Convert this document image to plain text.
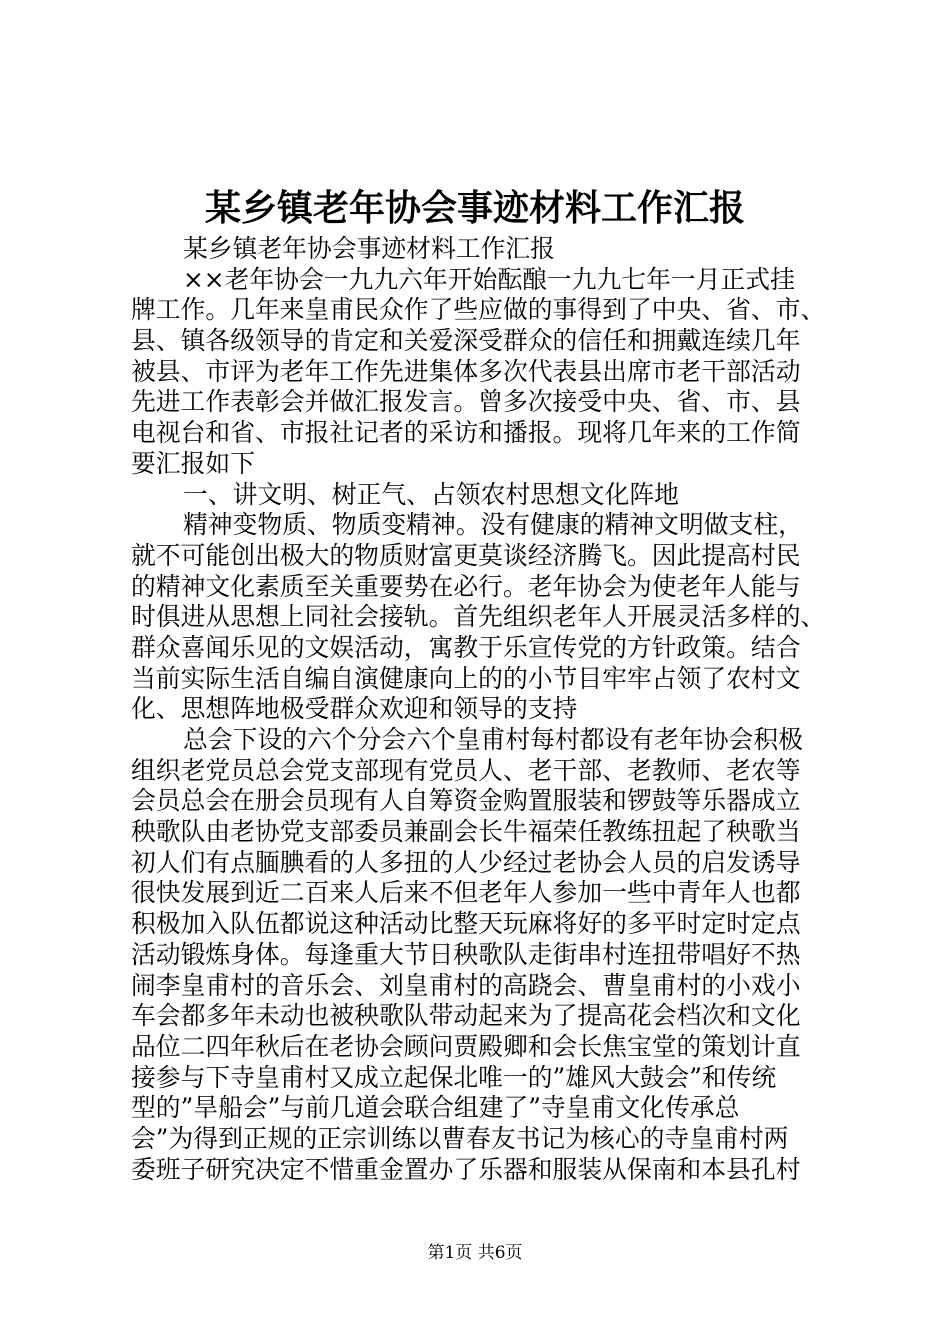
某乡镇老年协会事迹材料工作汇报
某乡镇老年协会事迹材料工作汇报
××老年协会一九九六年开始酝酿一九九七年一月正式挂
牌工作。几年来皇甫民众作了些应做的事得到了中央、省、市、
县、镇各级领导的肯定和关爱深受群众的信任和拥戴连续几年
被县、市评为老年工作先进集体多次代表县出席市老干部活动
先进工作表彰会并做汇报发言。曾多次接受中央、省、市、县
电视台和省、市报社记者的采访和播报。现将几年来的工作简
要汇报如下
一、讲文明、树正气、占领农村思想文化阵地
精神变物质、物质变精神。没有健康的精神文明做支柱，
就不可能创出极大的物质财富更莫谈经济腾飞。因此提高村民
的精神文化素质至关重要势在必行。老年协会为使老年人能与
时俱进从思想上同社会接轨。首先组织老年人开展灵活多样的、
群众喜闻乐见的文娱活动，寓教于乐宣传党的方针政策。结合
当前实际生活自编自演健康向上的的小节目牢牢占领了农村文
化、思想阵地极受群众欢迎和领导的支持
总会下设的六个分会六个皇甫村每村都设有老年协会积极
组织老党员总会党支部现有党员人、老干部、老教师、老农等
会员总会在册会员现有人自筹资金购置服装和锣鼓等乐器成立
秧歌队由老协党支部委员兼副会长牛福荣任教练扭起了秧歌当
初人们有点腼腆看的人多扭的人少经过老协会人员的启发诱导
很快发展到近二百来人后来不但老年人参加一些中青年人也都
积极加入队伍都说这种活动比整天玩麻将好的多平时定时定点
活动锻炼身体。每逢重大节日秧歌队走街串村连扭带唱好不热
闹李皇甫村的音乐会、刘皇甫村的高跷会、曹皇甫村的小戏小
车会都多年未动也被秧歌队带动起来为了提高花会档次和文化
品位二四年秋后在老协会顾问贾殿卿和会长焦宝堂的策划计直
接参与下寺皇甫村又成立起保北唯一的”雄风大鼓会”和传统
型的”旱船会”与前几道会联合组建了”寺皇甫文化传承总
会”为得到正规的正宗训练以曹春友书记为核心的寺皇甫村两
委班子研究决定不惜重金置办了乐器和服装从保南和本县孔村
第1页 共6页
